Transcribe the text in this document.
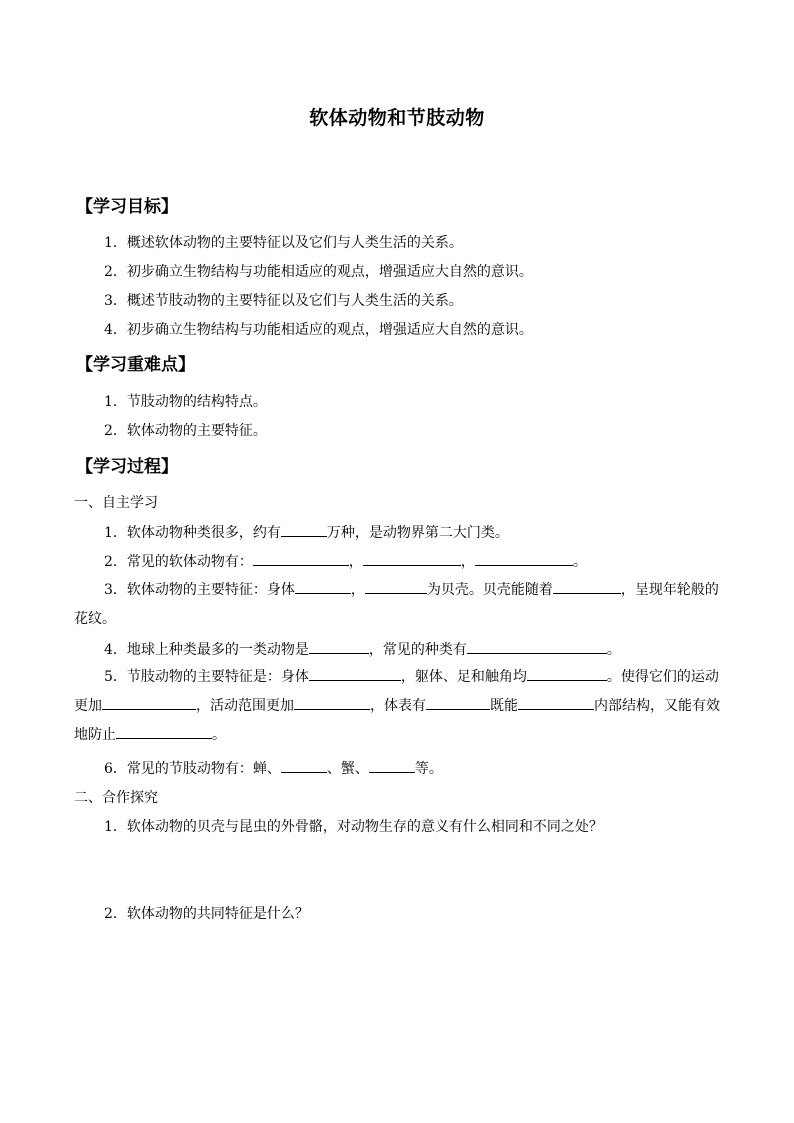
软体动物和节肢动物
【学习目标】
1．概述软体动物的主要特征以及它们与人类生活的关系。
2．初步确立生物结构与功能相适应的观点，增强适应大自然的意识。
3．概述节肢动物的主要特征以及它们与人类生活的关系。
4．初步确立生物结构与功能相适应的观点，增强适应大自然的意识。
【学习重难点】
1．节肢动物的结构特点。
2．软体动物的主要特征。
【学习过程】
一、自主学习
1．软体动物种类很多，约有	万种，是动物界第二大门类。
2．常见的软体动物有：	，	，	。
3．软体动物的主要特征：身体	，	为贝壳。贝壳能随着	，呈现年轮般的花纹。
4．地球上种类最多的一类动物是	，常见的种类有	。
5．节肢动物的主要特征是：身体	，躯体、足和触角均	。使得它们的运动更加	，活动范围更加	，体表有	既能	内部结构，又能有效地防止	。
6．常见的节肢动物有：蝉、	、蟹、	等。
二、合作探究
1．软体动物的贝壳与昆虫的外骨骼，对动物生存的意义有什么相同和不同之处？
2．软体动物的共同特征是什么？
